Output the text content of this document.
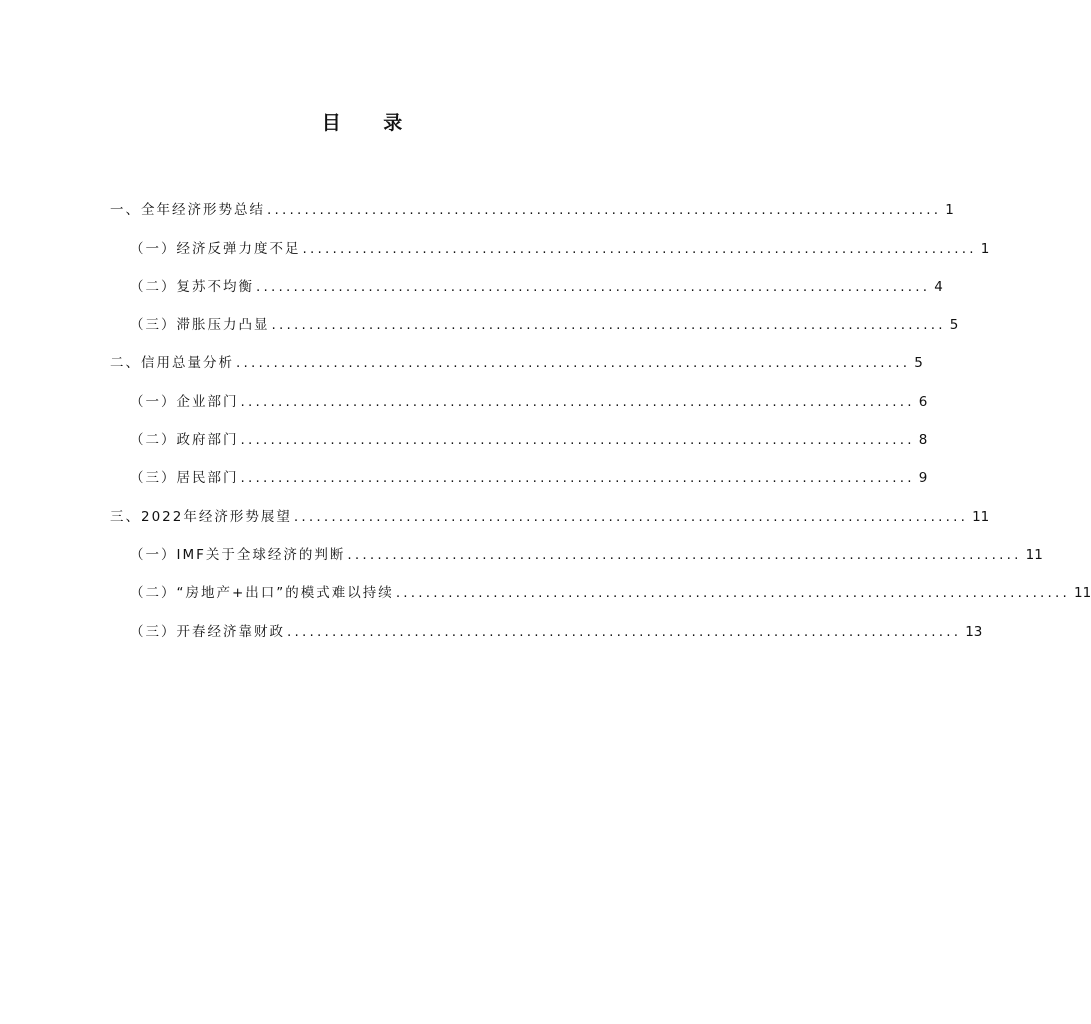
目 录
一、全年经济形势总结 .......................................................................................... 1
（一）经济反弹力度不足 .......................................................................................... 1
（二）复苏不均衡 .......................................................................................... 4
（三）滞胀压力凸显 .......................................................................................... 5
二、信用总量分析 .......................................................................................... 5
（一）企业部门 .......................................................................................... 6
（二）政府部门 .......................................................................................... 8
（三）居民部门 .......................................................................................... 9
三、2022年经济形势展望 .......................................................................................... 11
（一）IMF关于全球经济的判断 .......................................................................................... 11
（二）“房地产+出口”的模式难以持续 .......................................................................................... 11
（三）开春经济靠财政 .......................................................................................... 13
